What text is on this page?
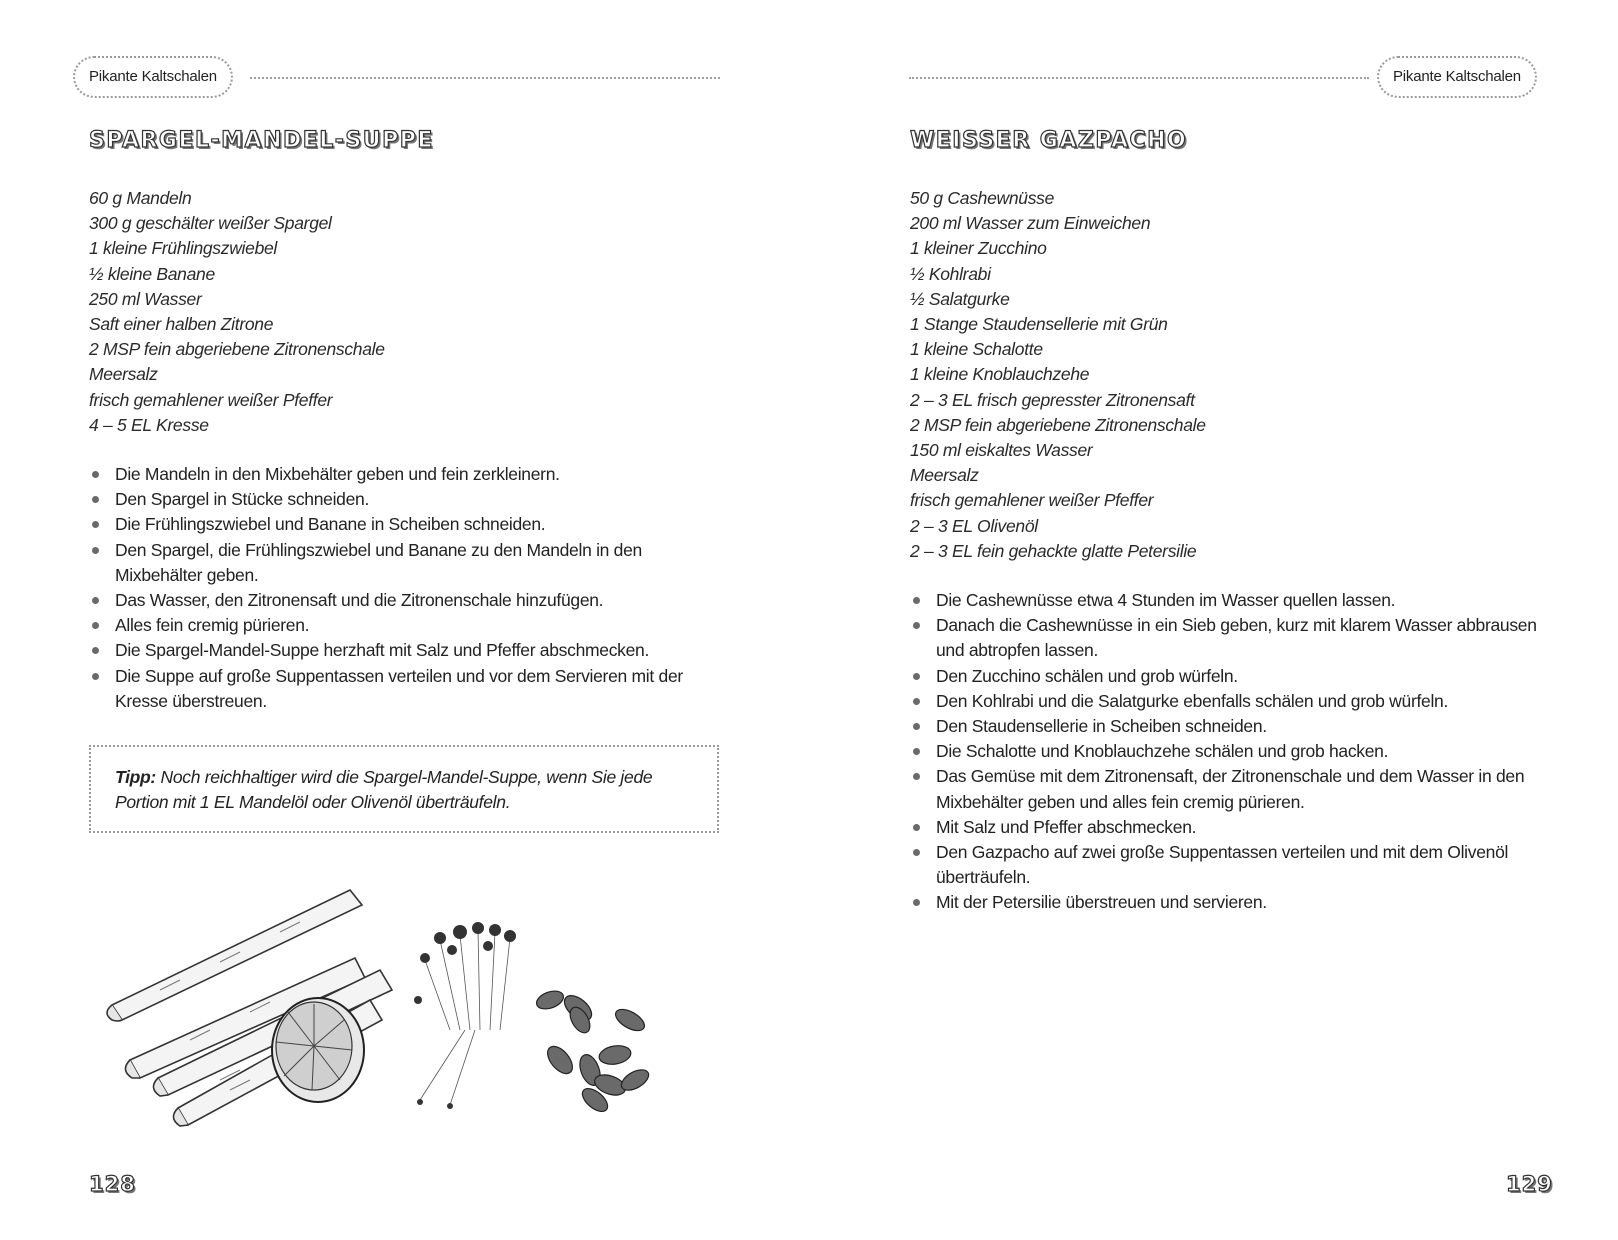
Pikante Kaltschalen
SPARGEL-MANDEL-SUPPE
60 g Mandeln
300 g geschälter weißer Spargel
1 kleine Frühlingszwiebel
½ kleine Banane
250 ml Wasser
Saft einer halben Zitrone
2 MSP fein abgeriebene Zitronenschale
Meersalz
frisch gemahlener weißer Pfeffer
4 – 5 EL Kresse
Die Mandeln in den Mixbehälter geben und fein zerkleinern.
Den Spargel in Stücke schneiden.
Die Frühlingszwiebel und Banane in Scheiben schneiden.
Den Spargel, die Frühlingszwiebel und Banane zu den Mandeln in den Mixbehälter geben.
Das Wasser, den Zitronensaft und die Zitronenschale hinzufügen.
Alles fein cremig pürieren.
Die Spargel-Mandel-Suppe herzhaft mit Salz und Pfeffer abschmecken.
Die Suppe auf große Suppentassen verteilen und vor dem Servieren mit der Kresse überstreuen.
Tipp: Noch reichhaltiger wird die Spargel-Mandel-Suppe, wenn Sie jede Portion mit 1 EL Mandelöl oder Olivenöl überträufeln.
128
Pikante Kaltschalen
WEISSER GAZPACHO
50 g Cashewnüsse
200 ml Wasser zum Einweichen
1 kleiner Zucchino
½ Kohlrabi
½ Salatgurke
1 Stange Staudensellerie mit Grün
1 kleine Schalotte
1 kleine Knoblauchzehe
2 – 3 EL frisch gepresster Zitronensaft
2 MSP fein abgeriebene Zitronenschale
150 ml eiskaltes Wasser
Meersalz
frisch gemahlener weißer Pfeffer
2 – 3 EL Olivenöl
2 – 3 EL fein gehackte glatte Petersilie
Die Cashewnüsse etwa 4 Stunden im Wasser quellen lassen.
Danach die Cashewnüsse in ein Sieb geben, kurz mit klarem Wasser abbrausen und abtropfen lassen.
Den Zucchino schälen und grob würfeln.
Den Kohlrabi und die Salatgurke ebenfalls schälen und grob würfeln.
Den Staudensellerie in Scheiben schneiden.
Die Schalotte und Knoblauchzehe schälen und grob hacken.
Das Gemüse mit dem Zitronensaft, der Zitronenschale und dem Wasser in den Mixbehälter geben und alles fein cremig pürieren.
Mit Salz und Pfeffer abschmecken.
Den Gazpacho auf zwei große Suppentassen verteilen und mit dem Olivenöl überträufeln.
Mit der Petersilie überstreuen und servieren.
129
